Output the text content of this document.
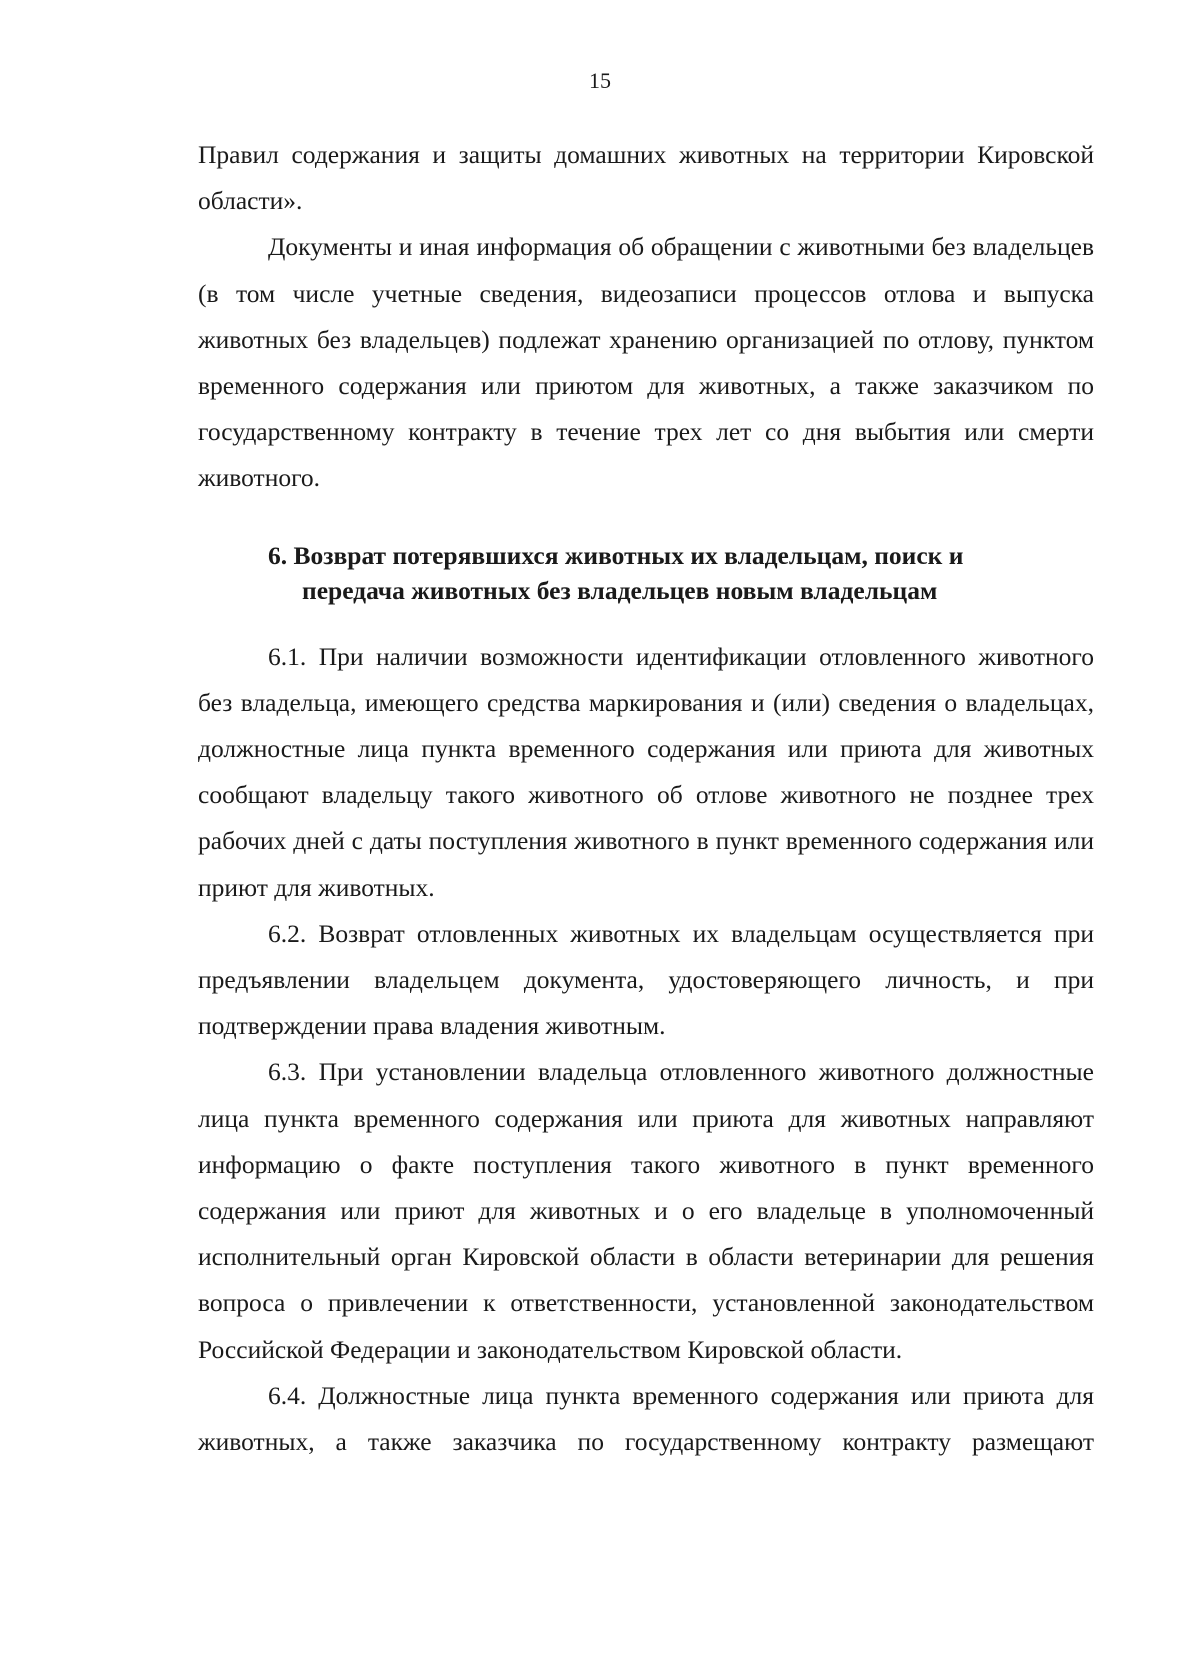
15

Правил содержания и защиты домашних животных на территории Кировской области».

Документы и иная информация об обращении с животными без владельцев (в том числе учетные сведения, видеозаписи процессов отлова и выпуска животных без владельцев) подлежат хранению организацией по отлову, пунктом временного содержания или приютом для животных, а также заказчиком по государственному контракту в течение трех лет со дня выбытия или смерти животного.

6. Возврат потерявшихся животных их владельцам, поиск и
передача животных без владельцев новым владельцам

6.1. При наличии возможности идентификации отловленного животного без владельца, имеющего средства маркирования и (или) сведения о владельцах, должностные лица пункта временного содержания или приюта для животных сообщают владельцу такого животного об отлове животного не позднее трех рабочих дней с даты поступления животного в пункт временного содержания или приют для животных.

6.2. Возврат отловленных животных их владельцам осуществляется при предъявлении владельцем документа, удостоверяющего личность, и при подтверждении права владения животным.

6.3. При установлении владельца отловленного животного должностные лица пункта временного содержания или приюта для животных направляют информацию о факте поступления такого животного в пункт временного содержания или приют для животных и о его владельце в уполномоченный исполнительный орган Кировской области в области ветеринарии для решения вопроса о привлечении к ответственности, установленной законодательством Российской Федерации и законодательством Кировской области.

6.4. Должностные лица пункта временного содержания или приюта для животных, а также заказчика по государственному контракту размещают
